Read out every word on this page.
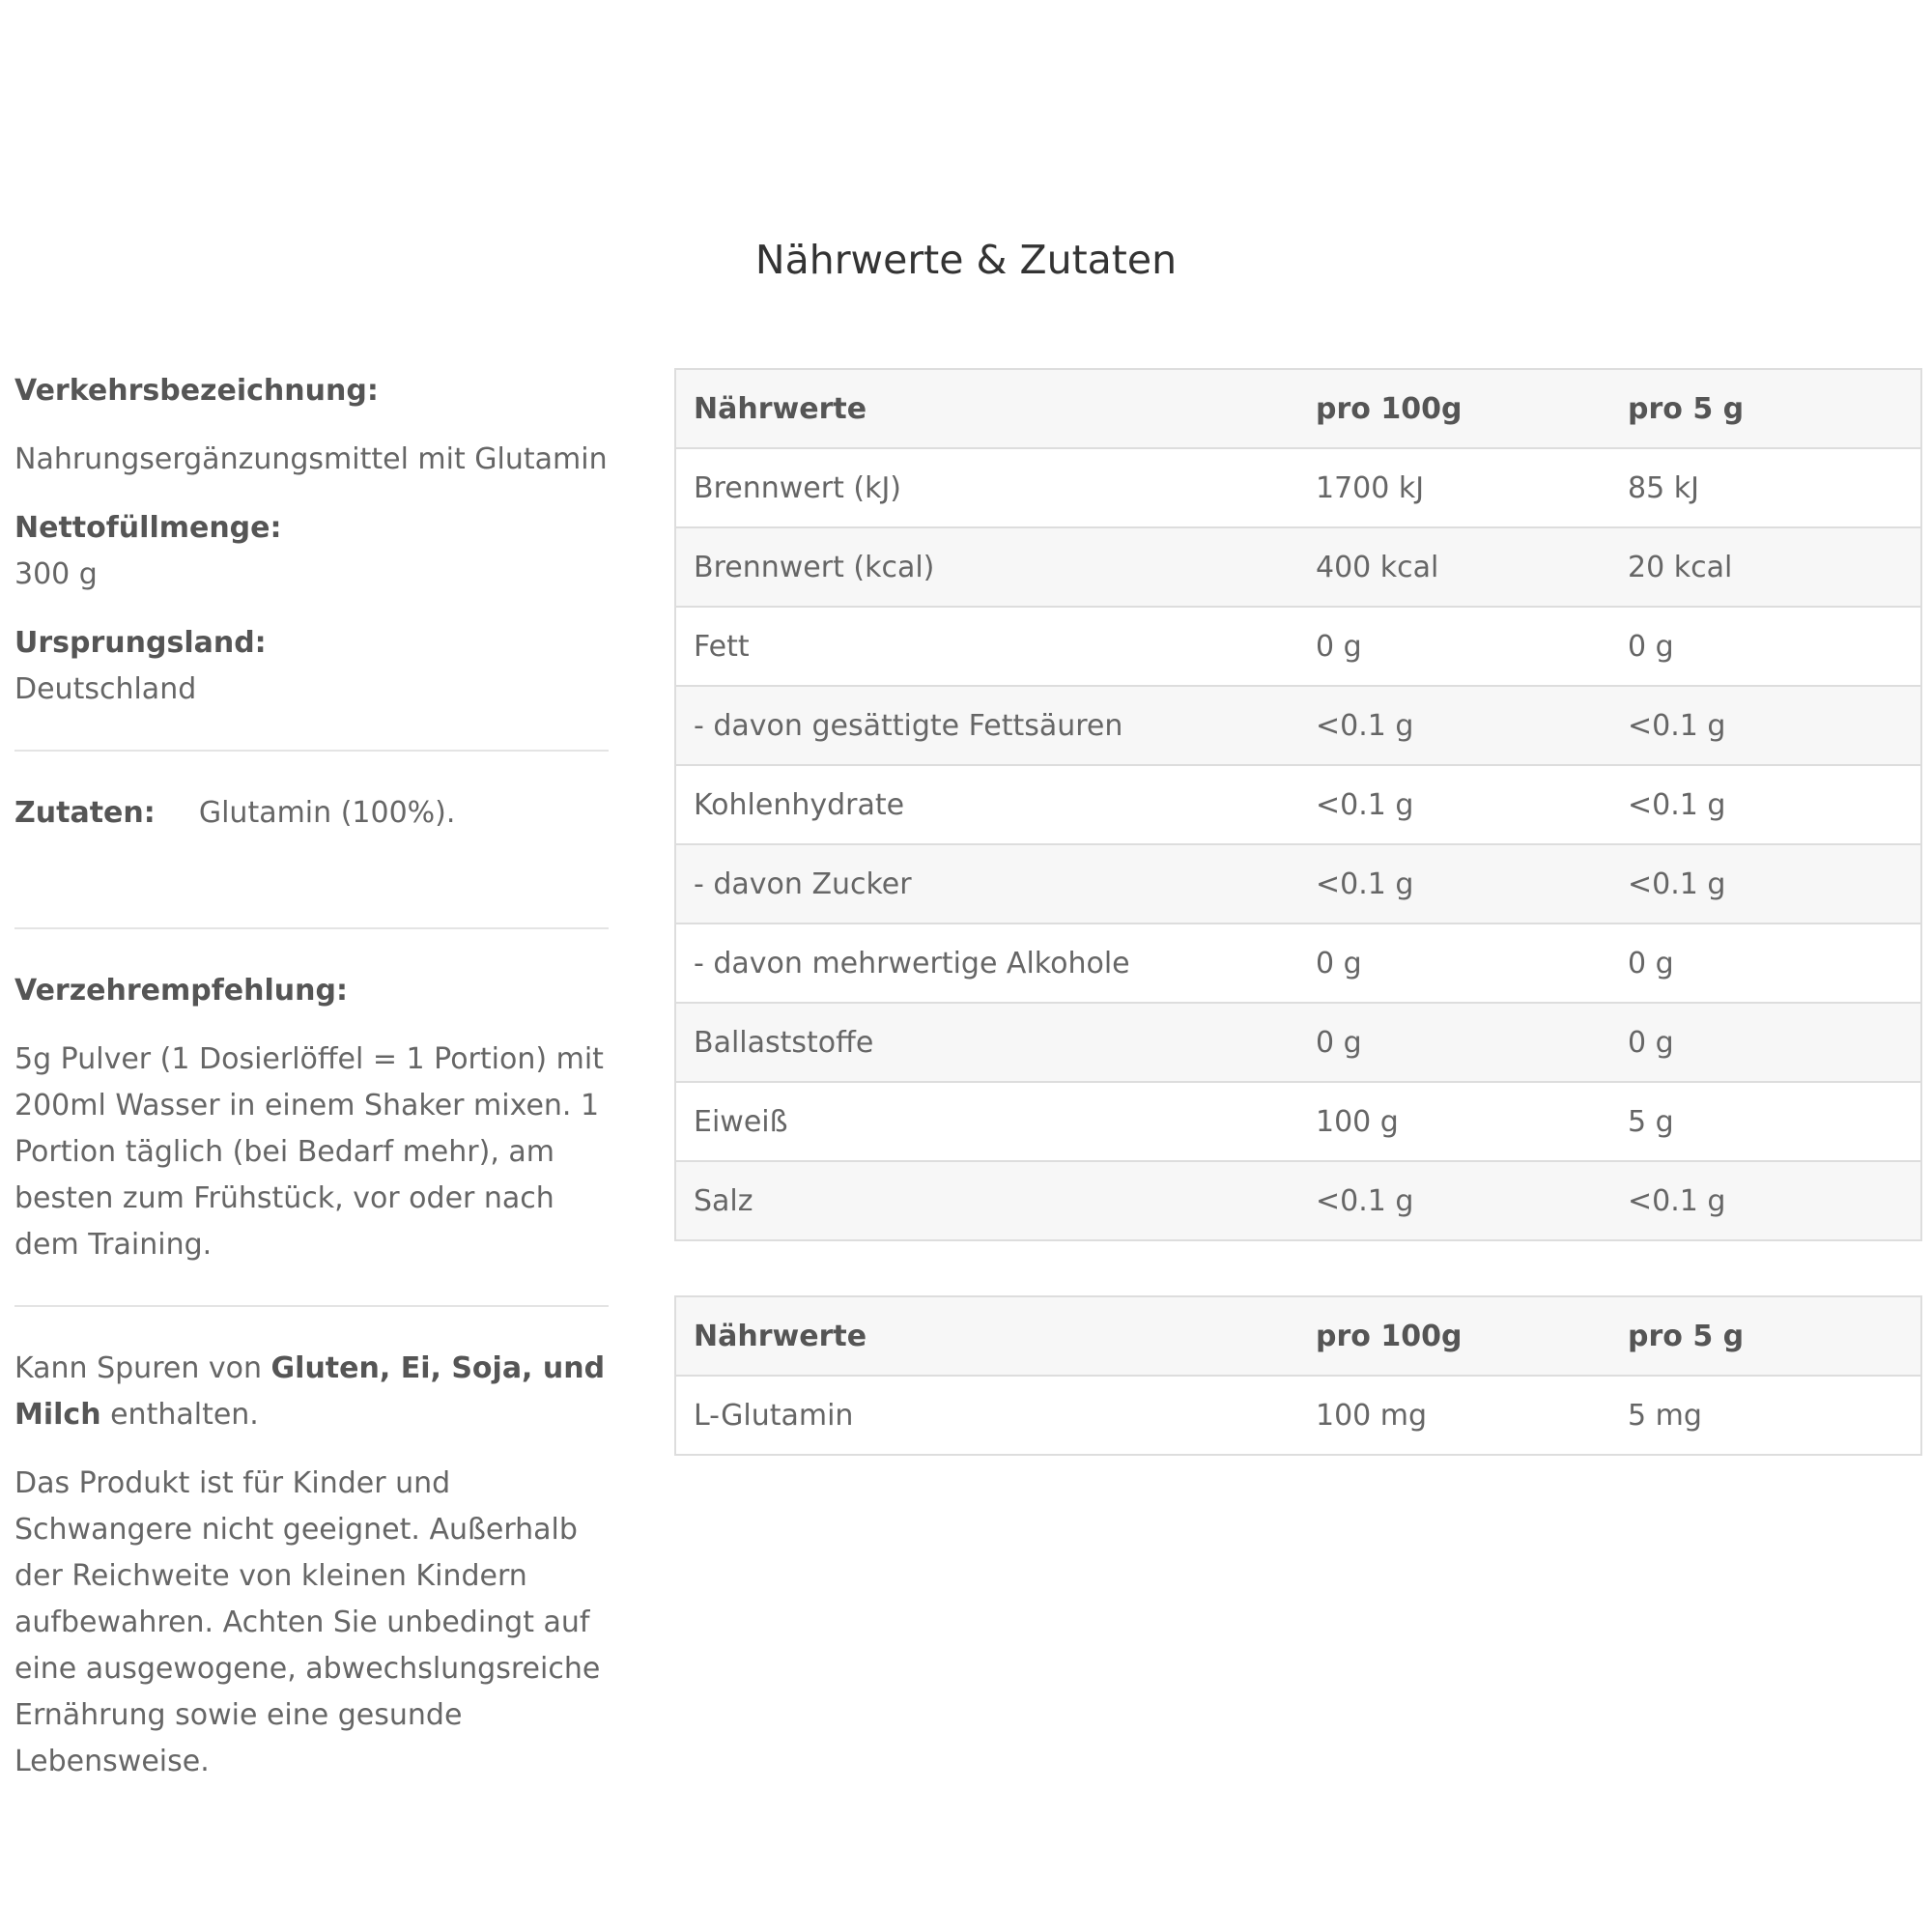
Nährwerte & Zutaten

Verkehrsbezeichnung:

Nahrungsergänzungsmittel mit Glutamin

Nettofüllmenge:

300 g

Ursprungsland:

Deutschland

Zutaten: Glutamin (100%).

Verzehrempfehlung:

5g Pulver (1 Dosierlöffel = 1 Portion) mit 200ml Wasser in einem Shaker mixen. 1 Portion täglich (bei Bedarf mehr), am besten zum Frühstück, vor oder nach dem Training.

Kann Spuren von Gluten, Ei, Soja, und Milch enthalten.

Das Produkt ist für Kinder und Schwangere nicht geeignet. Außerhalb der Reichweite von kleinen Kindern aufbewahren. Achten Sie unbedingt auf eine ausgewogene, abwechslungsreiche Ernährung sowie eine gesunde Lebensweise.

Nährwerte	pro 100g	pro 5 g
Brennwert (kJ)	1700 kJ	85 kJ
Brennwert (kcal)	400 kcal	20 kcal
Fett	0 g	0 g
- davon gesättigte Fettsäuren	<0.1 g	<0.1 g
Kohlenhydrate	<0.1 g	<0.1 g
- davon Zucker	<0.1 g	<0.1 g
- davon mehrwertige Alkohole	0 g	0 g
Ballaststoffe	0 g	0 g
Eiweiß	100 g	5 g
Salz	<0.1 g	<0.1 g
Nährwerte	pro 100g	pro 5 g
L-Glutamin	100 mg	5 mg
